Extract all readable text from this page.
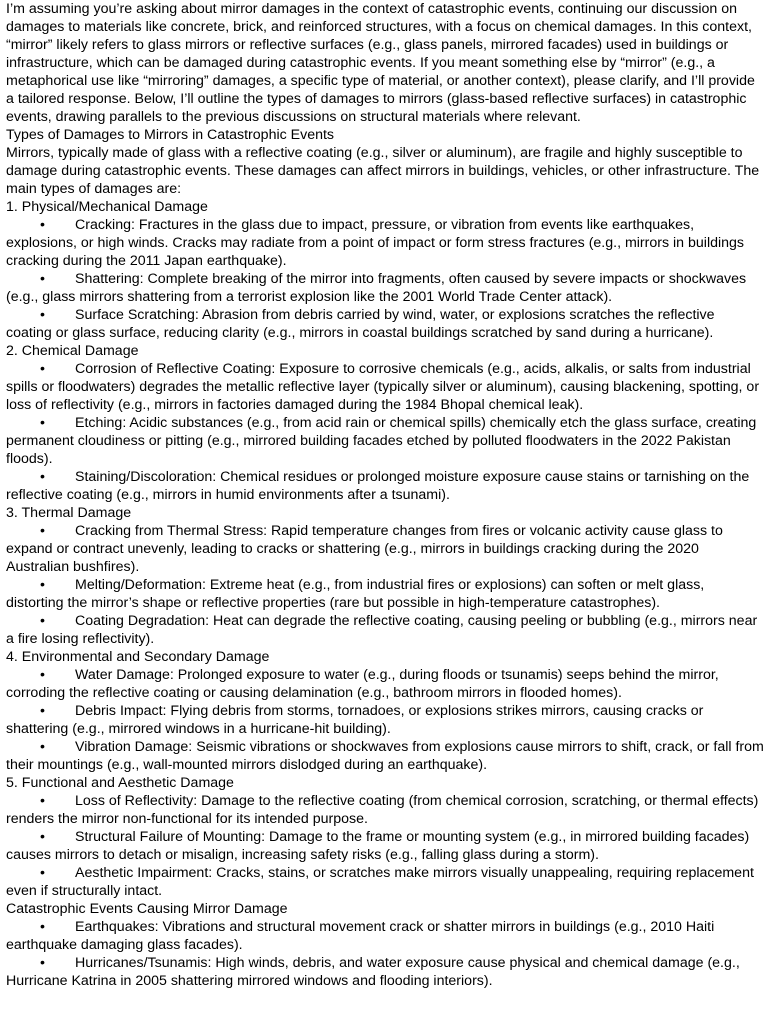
I’m assuming you’re asking about mirror damages in the context of catastrophic events, continuing our discussion on damages to materials like concrete, brick, and reinforced structures, with a focus on chemical damages. In this context, “mirror” likely refers to glass mirrors or reflective surfaces (e.g., glass panels, mirrored facades) used in buildings or infrastructure, which can be damaged during catastrophic events. If you meant something else by “mirror” (e.g., a metaphorical use like “mirroring” damages, a specific type of material, or another context), please clarify, and I’ll provide a tailored response. Below, I’ll outline the types of damages to mirrors (glass-based reflective surfaces) in catastrophic events, drawing parallels to the previous discussions on structural materials where relevant.

Types of Damages to Mirrors in Catastrophic Events

Mirrors, typically made of glass with a reflective coating (e.g., silver or aluminum), are fragile and highly susceptible to damage during catastrophic events. These damages can affect mirrors in buildings, vehicles, or other infrastructure. The main types of damages are:

1. Physical/Mechanical Damage

• Cracking: Fractures in the glass due to impact, pressure, or vibration from events like earthquakes, explosions, or high winds. Cracks may radiate from a point of impact or form stress fractures (e.g., mirrors in buildings cracking during the 2011 Japan earthquake).

• Shattering: Complete breaking of the mirror into fragments, often caused by severe impacts or shockwaves (e.g., glass mirrors shattering from a terrorist explosion like the 2001 World Trade Center attack).

• Surface Scratching: Abrasion from debris carried by wind, water, or explosions scratches the reflective coating or glass surface, reducing clarity (e.g., mirrors in coastal buildings scratched by sand during a hurricane).

2. Chemical Damage

• Corrosion of Reflective Coating: Exposure to corrosive chemicals (e.g., acids, alkalis, or salts from industrial spills or floodwaters) degrades the metallic reflective layer (typically silver or aluminum), causing blackening, spotting, or loss of reflectivity (e.g., mirrors in factories damaged during the 1984 Bhopal chemical leak).

• Etching: Acidic substances (e.g., from acid rain or chemical spills) chemically etch the glass surface, creating permanent cloudiness or pitting (e.g., mirrored building facades etched by polluted floodwaters in the 2022 Pakistan floods).

• Staining/Discoloration: Chemical residues or prolonged moisture exposure cause stains or tarnishing on the reflective coating (e.g., mirrors in humid environments after a tsunami).

3. Thermal Damage

• Cracking from Thermal Stress: Rapid temperature changes from fires or volcanic activity cause glass to expand or contract unevenly, leading to cracks or shattering (e.g., mirrors in buildings cracking during the 2020 Australian bushfires).

• Melting/Deformation: Extreme heat (e.g., from industrial fires or explosions) can soften or melt glass, distorting the mirror’s shape or reflective properties (rare but possible in high-temperature catastrophes).

• Coating Degradation: Heat can degrade the reflective coating, causing peeling or bubbling (e.g., mirrors near a fire losing reflectivity).

4. Environmental and Secondary Damage

• Water Damage: Prolonged exposure to water (e.g., during floods or tsunamis) seeps behind the mirror, corroding the reflective coating or causing delamination (e.g., bathroom mirrors in flooded homes).

• Debris Impact: Flying debris from storms, tornadoes, or explosions strikes mirrors, causing cracks or shattering (e.g., mirrored windows in a hurricane-hit building).

• Vibration Damage: Seismic vibrations or shockwaves from explosions cause mirrors to shift, crack, or fall from their mountings (e.g., wall-mounted mirrors dislodged during an earthquake).

5. Functional and Aesthetic Damage

• Loss of Reflectivity: Damage to the reflective coating (from chemical corrosion, scratching, or thermal effects) renders the mirror non-functional for its intended purpose.

• Structural Failure of Mounting: Damage to the frame or mounting system (e.g., in mirrored building facades) causes mirrors to detach or misalign, increasing safety risks (e.g., falling glass during a storm).

• Aesthetic Impairment: Cracks, stains, or scratches make mirrors visually unappealing, requiring replacement even if structurally intact.

Catastrophic Events Causing Mirror Damage

• Earthquakes: Vibrations and structural movement crack or shatter mirrors in buildings (e.g., 2010 Haiti earthquake damaging glass facades).

• Hurricanes/Tsunamis: High winds, debris, and water exposure cause physical and chemical damage (e.g., Hurricane Katrina in 2005 shattering mirrored windows and flooding interiors).
